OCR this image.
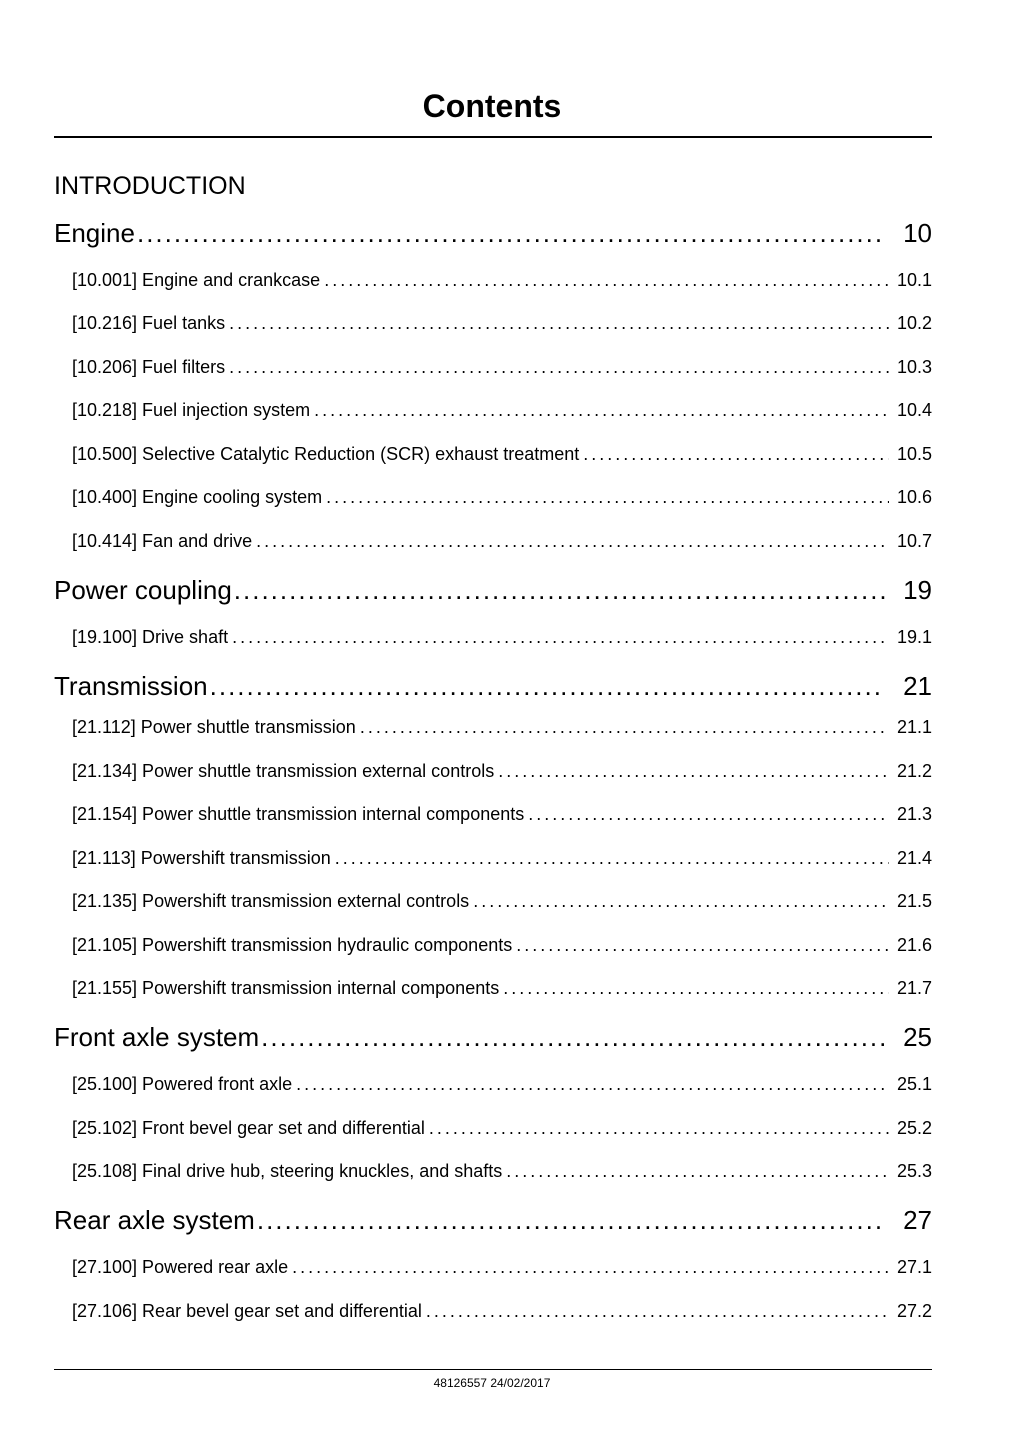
Contents
INTRODUCTION
Engine .....	10
[10.001] Engine and crankcase .....	10.1
[10.216] Fuel tanks .....	10.2
[10.206] Fuel filters .....	10.3
[10.218] Fuel injection system .....	10.4
[10.500] Selective Catalytic Reduction (SCR) exhaust treatment .....	10.5
[10.400] Engine cooling system .....	10.6
[10.414] Fan and drive .....	10.7
Power coupling .....	19
[19.100] Drive shaft .....	19.1
Transmission .....	21
[21.112] Power shuttle transmission .....	21.1
[21.134] Power shuttle transmission external controls .....	21.2
[21.154] Power shuttle transmission internal components .....	21.3
[21.113] Powershift transmission .....	21.4
[21.135] Powershift transmission external controls .....	21.5
[21.105] Powershift transmission hydraulic components .....	21.6
[21.155] Powershift transmission internal components .....	21.7
Front axle system .....	25
[25.100] Powered front axle .....	25.1
[25.102] Front bevel gear set and differential .....	25.2
[25.108] Final drive hub, steering knuckles, and shafts .....	25.3
Rear axle system .....	27
[27.100] Powered rear axle .....	27.1
[27.106] Rear bevel gear set and differential .....	27.2
48126557 24/02/2017
